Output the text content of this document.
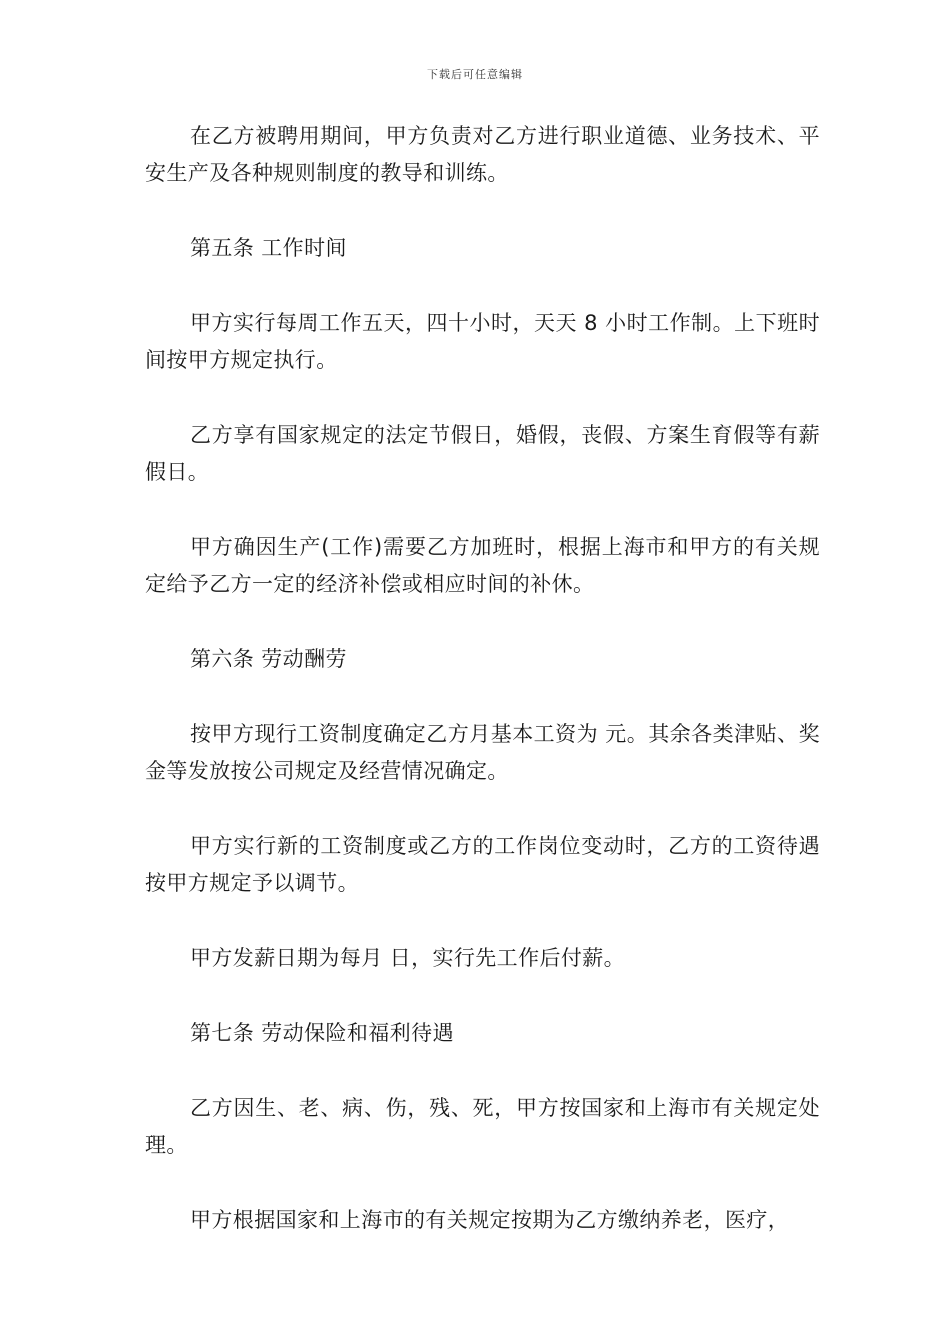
下载后可任意编辑

在乙方被聘用期间，甲方负责对乙方进行职业道德、业务技术、平安生产及各种规则制度的教导和训练。

第五条 工作时间

甲方实行每周工作五天，四十小时，天天 8 小时工作制。上下班时间按甲方规定执行。

乙方享有国家规定的法定节假日，婚假，丧假、方案生育假等有薪假日。

甲方确因生产(工作)需要乙方加班时，根据上海市和甲方的有关规定给予乙方一定的经济补偿或相应时间的补休。

第六条 劳动酬劳

按甲方现行工资制度确定乙方月基本工资为 元。其余各类津贴、奖金等发放按公司规定及经营情况确定。

甲方实行新的工资制度或乙方的工作岗位变动时，乙方的工资待遇按甲方规定予以调节。

甲方发薪日期为每月 日，实行先工作后付薪。

第七条 劳动保险和福利待遇

乙方因生、老、病、伤，残、死，甲方按国家和上海市有关规定处理。

甲方根据国家和上海市的有关规定按期为乙方缴纳养老，医疗，
